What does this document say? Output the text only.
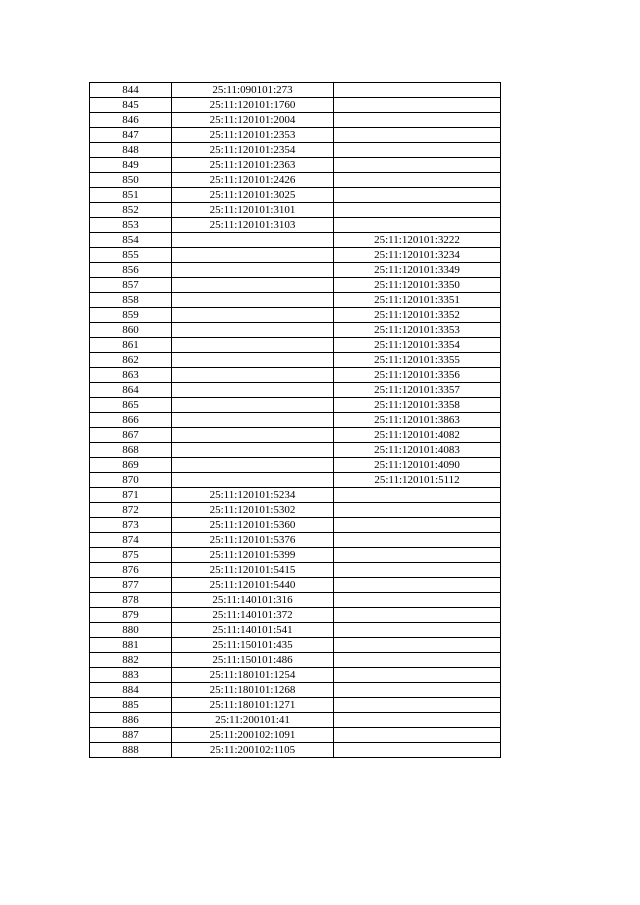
844	25:11:090101:273	
845	25:11:120101:1760	
846	25:11:120101:2004	
847	25:11:120101:2353	
848	25:11:120101:2354	
849	25:11:120101:2363	
850	25:11:120101:2426	
851	25:11:120101:3025	
852	25:11:120101:3101	
853	25:11:120101:3103	
854		25:11:120101:3222
855		25:11:120101:3234
856		25:11:120101:3349
857		25:11:120101:3350
858		25:11:120101:3351
859		25:11:120101:3352
860		25:11:120101:3353
861		25:11:120101:3354
862		25:11:120101:3355
863		25:11:120101:3356
864		25:11:120101:3357
865		25:11:120101:3358
866		25:11:120101:3863
867		25:11:120101:4082
868		25:11:120101:4083
869		25:11:120101:4090
870		25:11:120101:5112
871	25:11:120101:5234	
872	25:11:120101:5302	
873	25:11:120101:5360	
874	25:11:120101:5376	
875	25:11:120101:5399	
876	25:11:120101:5415	
877	25:11:120101:5440	
878	25:11:140101:316	
879	25:11:140101:372	
880	25:11:140101:541	
881	25:11:150101:435	
882	25:11:150101:486	
883	25:11:180101:1254	
884	25:11:180101:1268	
885	25:11:180101:1271	
886	25:11:200101:41	
887	25:11:200102:1091	
888	25:11:200102:1105	
